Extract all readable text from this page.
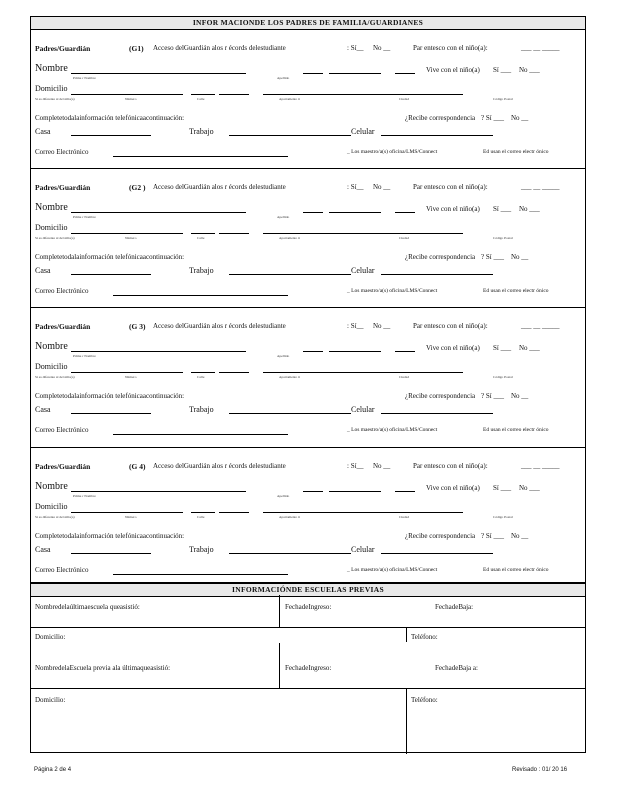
INFOR MACIONDE LOS PADRES DE FAMILIA/GUARDIANES
Padres/Guardián	(G1) Acceso delGuardián alos r écords delestudiante	: Sí__ No __	Par entesco con el niño(a):	___ __ _____
Nombre
Prime r Nombre	Apellido
Vive con el niño(a) Sí ___ No ___
Domicilio
Si es diferente al del niño(a)	Número	Calle	Apartamento #	Ciudad	Código Postal
Completetodalainformación telefónicaacontinuación:	¿Recibe correspondencia ? Sí ___ No __
Casa	Trabajo	Celular
Correo Electrónico	_ Los maestro/a(s) oficina/LMS/Connect	Ed usan el correo electr ónico
Padres/Guardián	(G2 ) Acceso delGuardián alos r écords delestudiante	: Sí__ No __	Par entesco con el niño(a):	___ __ _____
Nombre
Prime r Nombre	Apellido
Vive con el niño(a) Sí ___ No ___
Domicilio
Si es diferente al del niño(a)	Número	Calle	Apartamento #	Ciudad	Código Postal
Completetodalainformación telefónicaacontinuación:	¿Recibe correspondencia ? Sí ___ No __
Casa	Trabajo	Celular
Correo Electrónico	_ Los maestro/a(s) oficina/LMS/Connect	Ed usan el correo electr ónico
Padres/Guardián	(G 3) Acceso delGuardián alos r écords delestudiante	: Sí__ No __	Par entesco con el niño(a):	___ __ _____
Nombre
Prime r Nombre	Apellido
Vive con el niño(a) Sí ___ No ___
Domicilio
Si es diferente al del niño(a)	Número	Calle	Apartamento #	Ciudad	Código Postal
Completetodalainformación telefónicaacontinuación:	¿Recibe correspondencia ? Sí ___ No __
Casa	Trabajo	Celular
Correo Electrónico	_ Los maestro/a(s) oficina/LMS/Connect	Ed usan el correo electr ónico
Padres/Guardián	(G 4) Acceso delGuardián alos r écords delestudiante	: Sí__ No __	Par entesco con el niño(a):	___ __ _____
Nombre
Prime r Nombre	Apellido
Vive con el niño(a) Sí ___ No ___
Domicilio
Si es diferente al del niño(a)	Número	Calle	Apartamento #	Ciudad	Código Postal
Completetodalainformación telefónicaacontinuación:	¿Recibe correspondencia ? Sí ___ No __
Casa	Trabajo	Celular
Correo Electrónico	_ Los maestro/a(s) oficina/LMS/Connect	Ed usan el correo electr ónico
INFORMACIÓNDE ESCUELAS PREVIAS
Nombredelaúltimaescuela queasistió:	FechadeIngreso:	FechadeBaja:
Domicilio:	Teléfono:
NombredelaEscuela previa ala últimaqueasistió:	FechadeIngreso:	FechadeBaja a:
Domicilio:	Teléfono:
Página 2 de 4	Revisado : 01/ 20 16
